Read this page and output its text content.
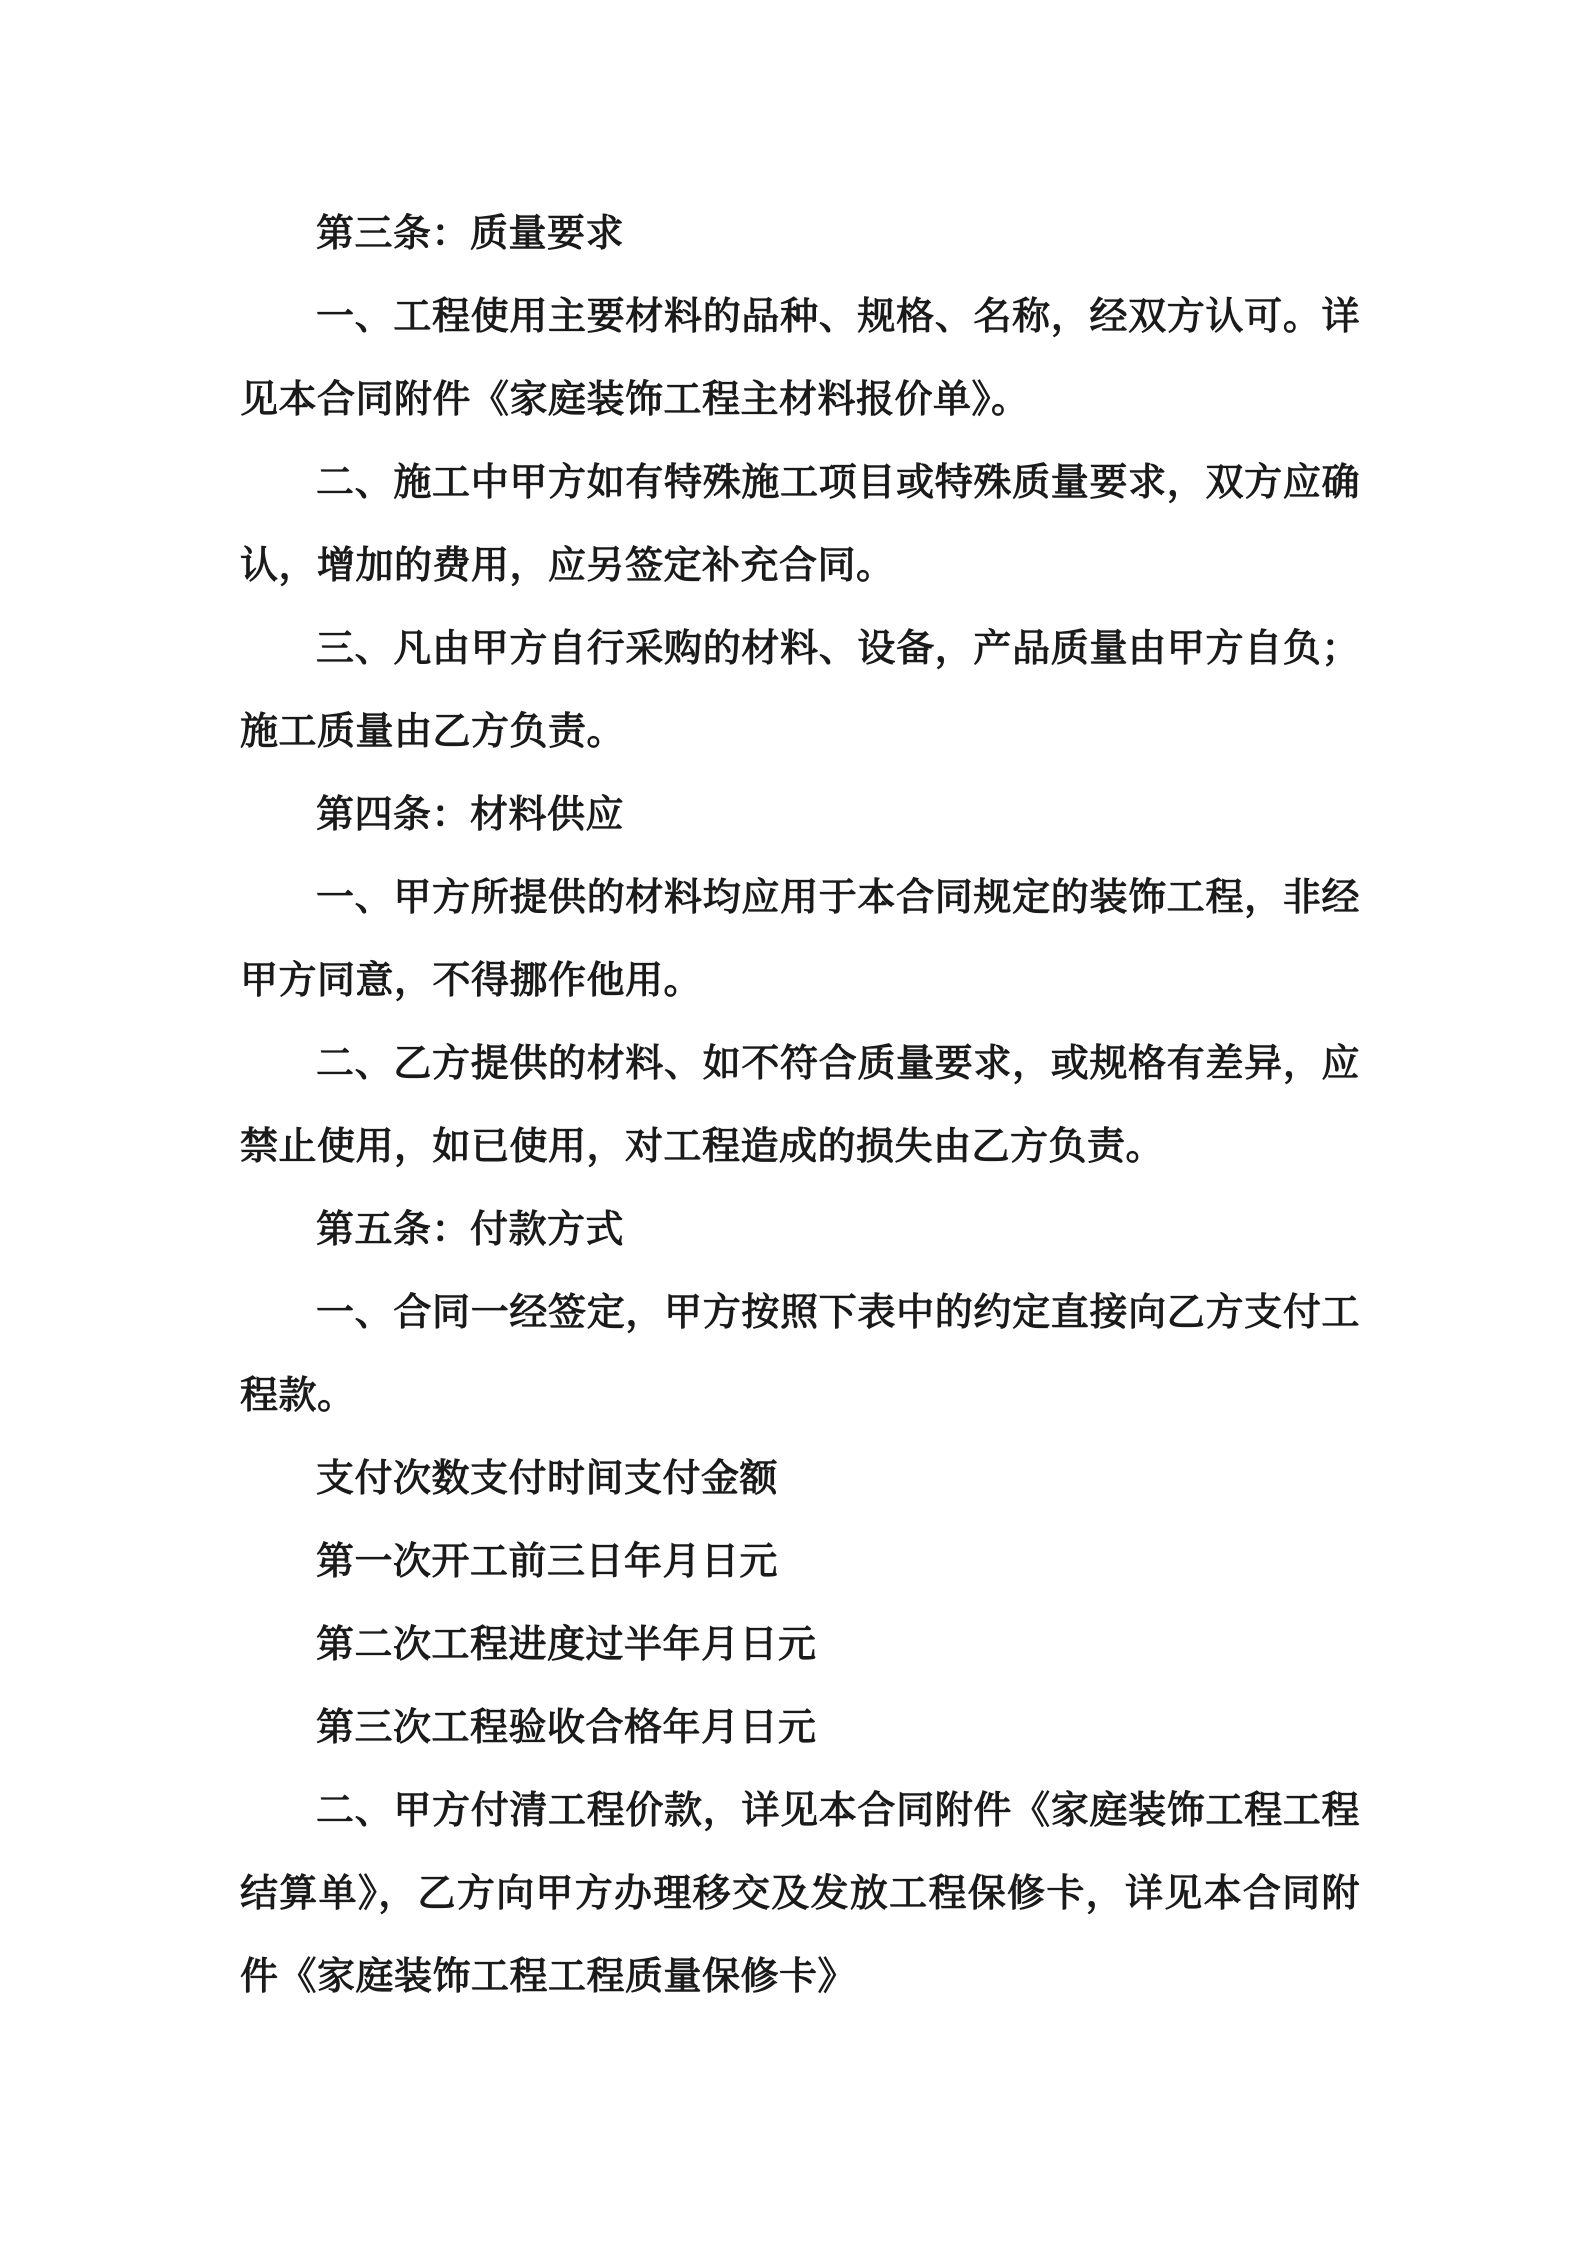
第三条：质量要求

一、工程使用主要材料的品种、规格、名称，经双方认可。详见本合同附件《家庭装饰工程主材料报价单》。

二、施工中甲方如有特殊施工项目或特殊质量要求，双方应确认，增加的费用，应另签定补充合同。

三、凡由甲方自行采购的材料、设备，产品质量由甲方自负；施工质量由乙方负责。

第四条：材料供应

一、甲方所提供的材料均应用于本合同规定的装饰工程，非经甲方同意，不得挪作他用。

二、乙方提供的材料、如不符合质量要求，或规格有差异，应禁止使用，如已使用，对工程造成的损失由乙方负责。

第五条：付款方式

一、合同一经签定，甲方按照下表中的约定直接向乙方支付工程款。

支付次数支付时间支付金额

第一次开工前三日年月日元

第二次工程进度过半年月日元

第三次工程验收合格年月日元

二、甲方付清工程价款，详见本合同附件《家庭装饰工程工程结算单》，乙方向甲方办理移交及发放工程保修卡，详见本合同附件《家庭装饰工程工程质量保修卡》
